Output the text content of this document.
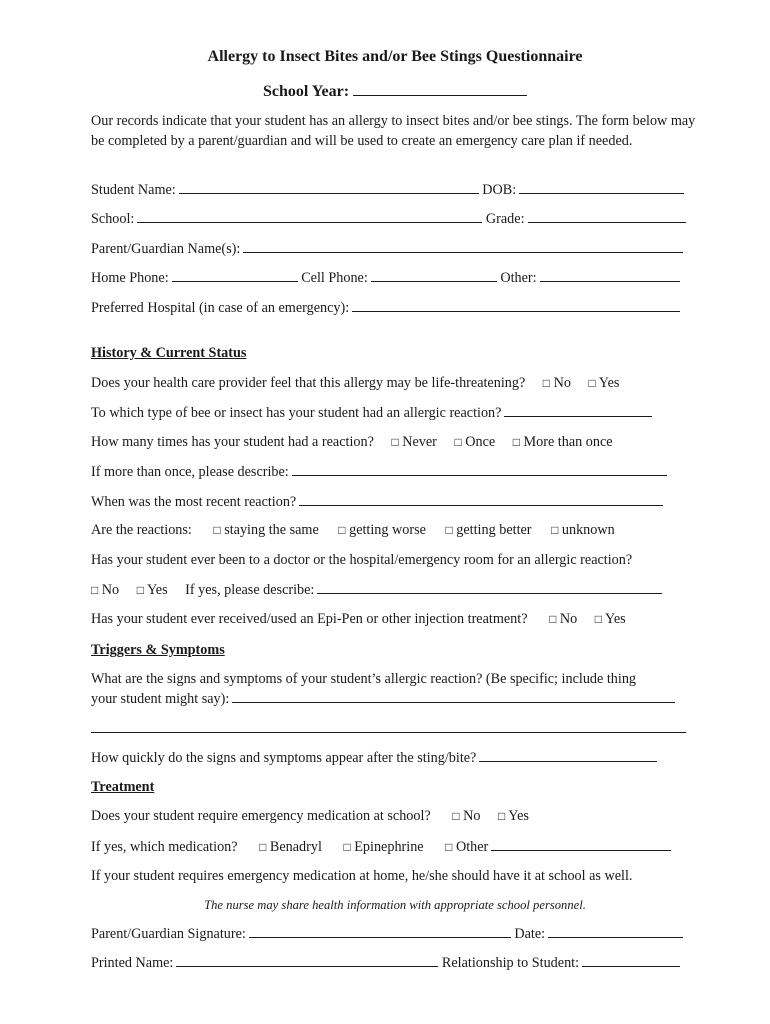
Allergy to Insect Bites and/or Bee Stings Questionnaire
School Year:
Our records indicate that your student has an allergy to insect bites and/or bee stings. The form below may be completed by a parent/guardian and will be used to create an emergency care plan if needed.
Student Name:	DOB:
School:	Grade:
Parent/Guardian Name(s):
Home Phone:	Cell Phone:	Other:
Preferred Hospital (in case of an emergency):
History & Current Status
Does your health care provider feel that this allergy may be life-threatening? □ No □ Yes
To which type of bee or insect has your student had an allergic reaction?
How many times has your student had a reaction? □ Never □ Once □ More than once
If more than once, please describe:
When was the most recent reaction?
Are the reactions: □ staying the same □ getting worse □ getting better □ unknown
Has your student ever been to a doctor or the hospital/emergency room for an allergic reaction?
□ No □ Yes If yes, please describe:
Has your student ever received/used an Epi-Pen or other injection treatment? □ No □ Yes
Triggers & Symptoms
What are the signs and symptoms of your student’s allergic reaction? (Be specific; include thing
your student might say):
How quickly do the signs and symptoms appear after the sting/bite?
Treatment
Does your student require emergency medication at school? □ No □ Yes
If yes, which medication? □ Benadryl □ Epinephrine □ Other
If your student requires emergency medication at home, he/she should have it at school as well.
The nurse may share health information with appropriate school personnel.
Parent/Guardian Signature:	Date:
Printed Name:	Relationship to Student:
